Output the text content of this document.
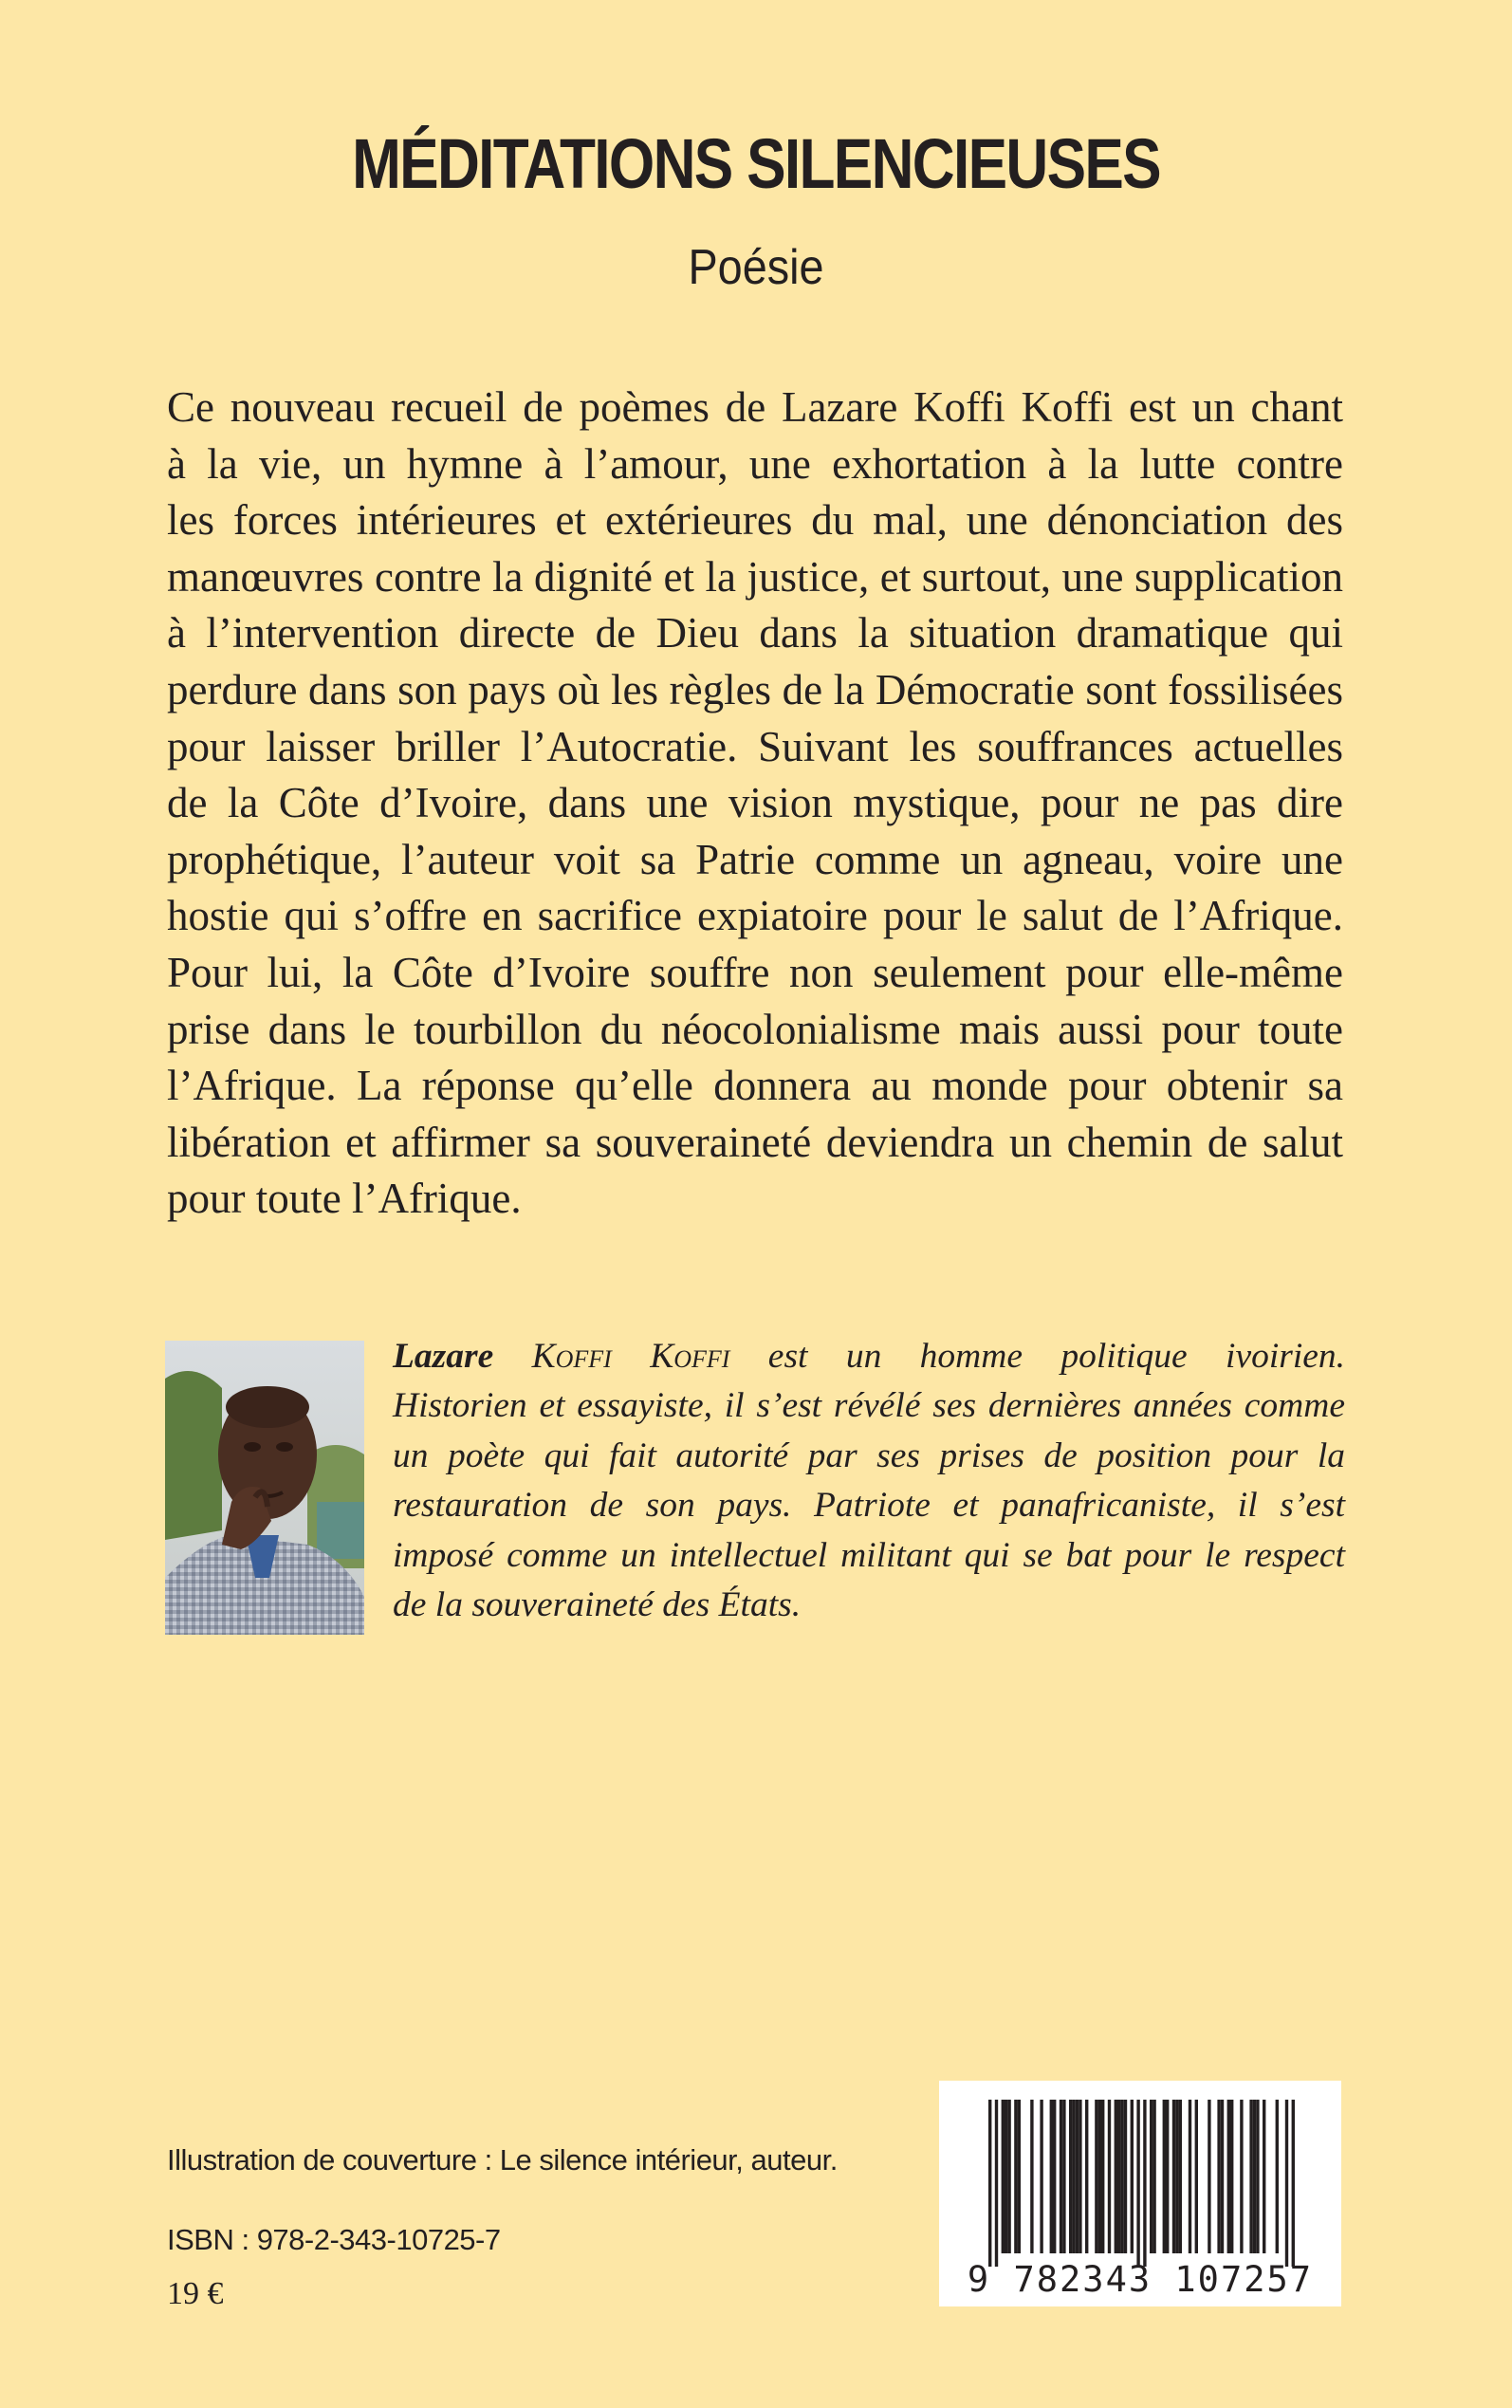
MÉDITATIONS SILENCIEUSES
Poésie
Ce nouveau recueil de poèmes de Lazare Koffi Koffi est un chant
à la vie, un hymne à l’amour, une exhortation à la lutte contre
les forces intérieures et extérieures du mal, une dénonciation des
manœuvres contre la dignité et la justice, et surtout, une supplication
à l’intervention directe de Dieu dans la situation dramatique qui
perdure dans son pays où les règles de la Démocratie sont fossilisées
pour laisser briller l’Autocratie. Suivant les souffrances actuelles
de la Côte d’Ivoire, dans une vision mystique, pour ne pas dire
prophétique, l’auteur voit sa Patrie comme un agneau, voire une
hostie qui s’offre en sacrifice expiatoire pour le salut de l’Afrique.
Pour lui, la Côte d’Ivoire souffre non seulement pour elle-même
prise dans le tourbillon du néocolonialisme mais aussi pour toute
l’Afrique. La réponse qu’elle donnera au monde pour obtenir sa
libération et affirmer sa souveraineté deviendra un chemin de salut
pour toute l’Afrique.
Lazare Koffi Koffi est un homme politique ivoirien.
Historien et essayiste, il s’est révélé ses dernières années comme
un poète qui fait autorité par ses prises de position pour la
restauration de son pays. Patriote et panafricaniste, il s’est
imposé comme un intellectuel militant qui se bat pour le respect
de la souveraineté des États.
Illustration de couverture : Le silence intérieur, auteur.
ISBN : 978-2-343-10725-7
19 €	9 782343 107257
